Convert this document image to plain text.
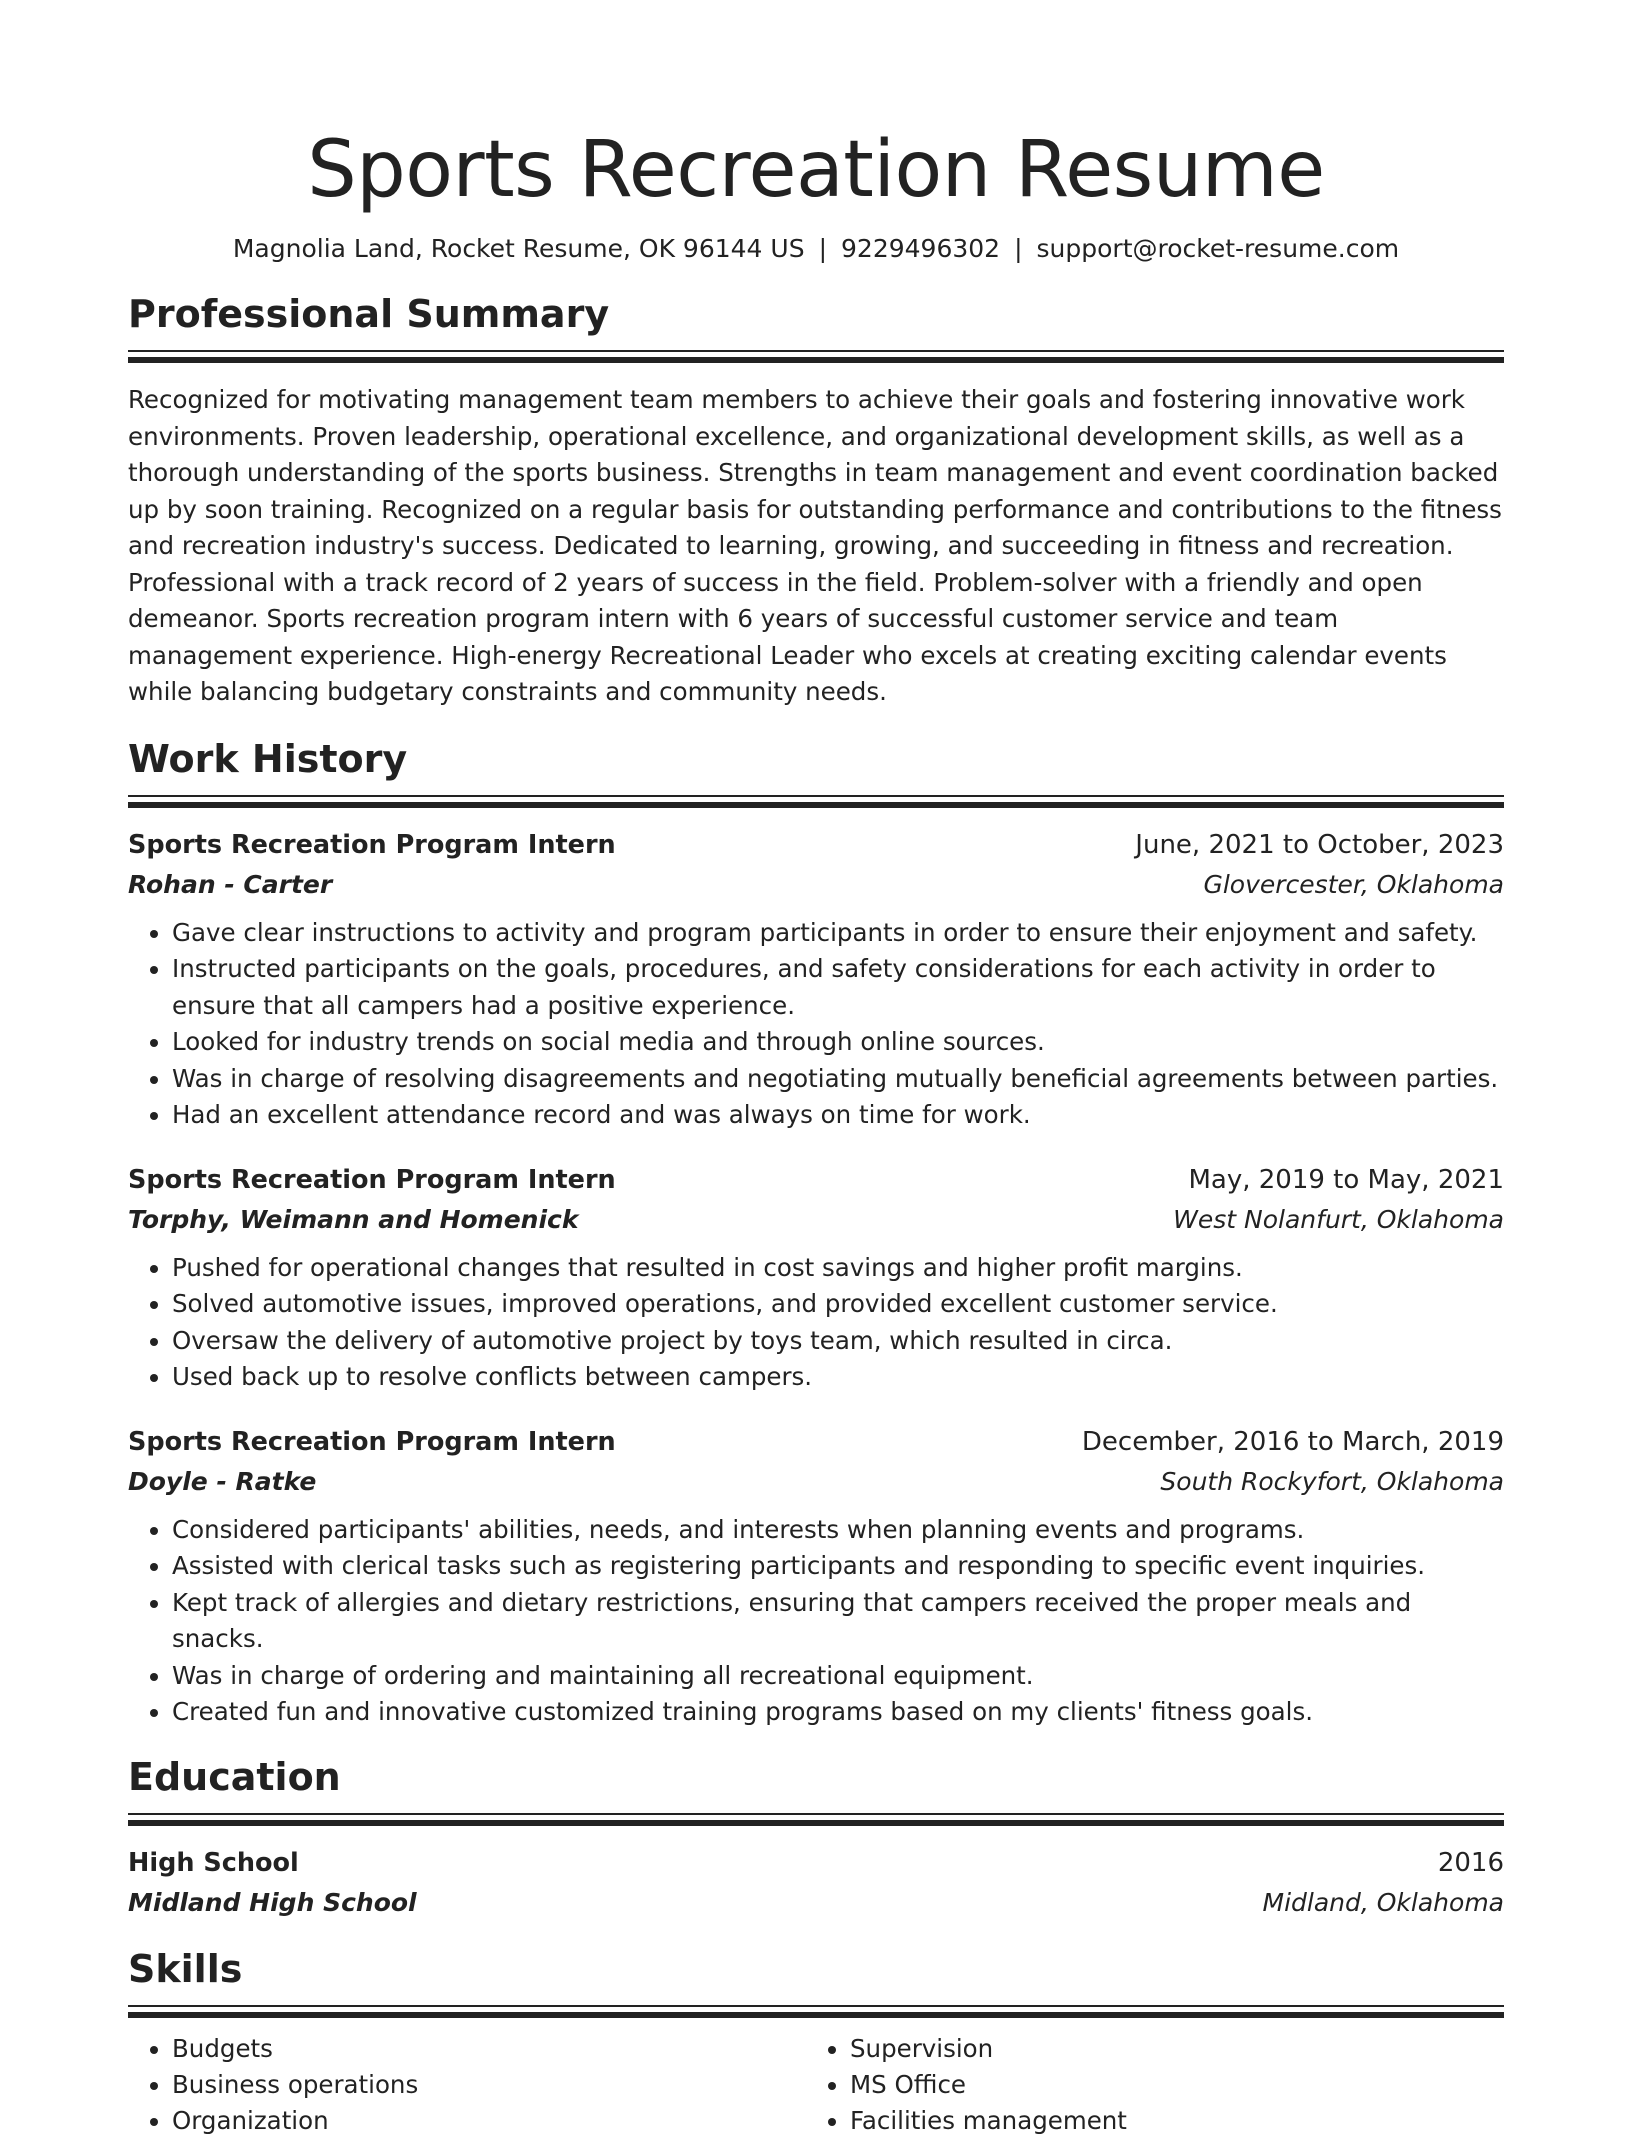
Sports Recreation Resume
Magnolia Land, Rocket Resume, OK 96144 US | 9229496302 | support@rocket-resume.com
Professional Summary
Recognized for motivating management team members to achieve their goals and fostering innovative work environments. Proven leadership, operational excellence, and organizational development skills, as well as a thorough understanding of the sports business. Strengths in team management and event coordination backed up by soon training. Recognized on a regular basis for outstanding performance and contributions to the fitness and recreation industry's success. Dedicated to learning, growing, and succeeding in fitness and recreation. Professional with a track record of 2 years of success in the field. Problem-solver with a friendly and open demeanor. Sports recreation program intern with 6 years of successful customer service and team management experience. High-energy Recreational Leader who excels at creating exciting calendar events while balancing budgetary constraints and community needs.
Work History
Sports Recreation Program Intern	June, 2021 to October, 2023
Rohan - Carter	Glovercester, Oklahoma
• Gave clear instructions to activity and program participants in order to ensure their enjoyment and safety.
• Instructed participants on the goals, procedures, and safety considerations for each activity in order to ensure that all campers had a positive experience.
• Looked for industry trends on social media and through online sources.
• Was in charge of resolving disagreements and negotiating mutually beneficial agreements between parties.
• Had an excellent attendance record and was always on time for work.
Sports Recreation Program Intern	May, 2019 to May, 2021
Torphy, Weimann and Homenick	West Nolanfurt, Oklahoma
• Pushed for operational changes that resulted in cost savings and higher profit margins.
• Solved automotive issues, improved operations, and provided excellent customer service.
• Oversaw the delivery of automotive project by toys team, which resulted in circa.
• Used back up to resolve conflicts between campers.
Sports Recreation Program Intern	December, 2016 to March, 2019
Doyle - Ratke	South Rockyfort, Oklahoma
• Considered participants' abilities, needs, and interests when planning events and programs.
• Assisted with clerical tasks such as registering participants and responding to specific event inquiries.
• Kept track of allergies and dietary restrictions, ensuring that campers received the proper meals and snacks.
• Was in charge of ordering and maintaining all recreational equipment.
• Created fun and innovative customized training programs based on my clients' fitness goals.
Education
High School	2016
Midland High School	Midland, Oklahoma
Skills
• Budgets
• Business operations
• Organization
• Supervision
• MS Office
• Facilities management
